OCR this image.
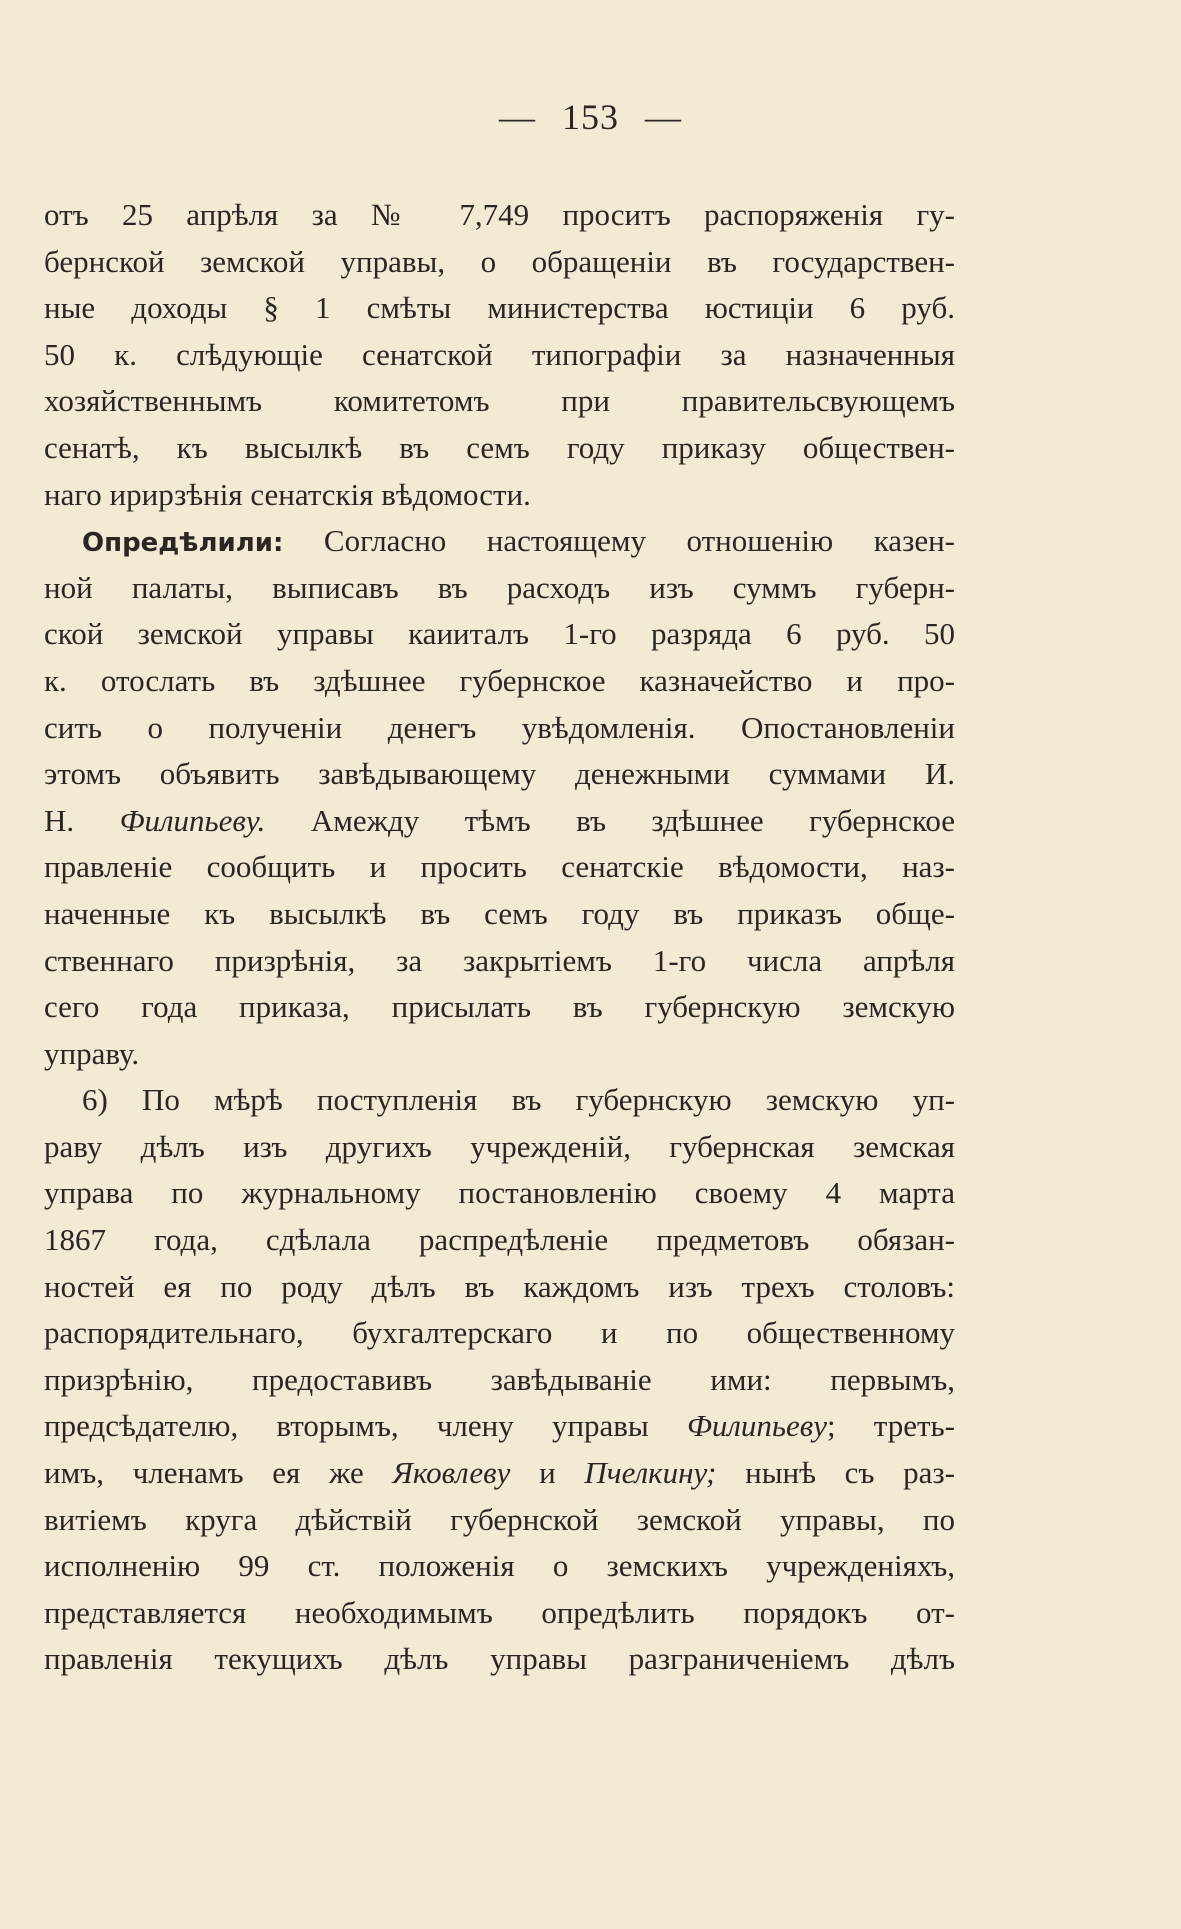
— 153 —
отъ 25 апрѣля за № 7,749 проситъ распоряженія гу-
бернской земской управы, о обращеніи въ государствен-
ные доходы § 1 смѣты министерства юстиціи 6 руб.
50 к. слѣдующіе сенатской типографіи за назначенныя
хозяйственнымъ комитетомъ при правительсвующемъ
сенатѣ, къ высылкѣ въ семъ году приказу обществен-
наго ирирзѣнія сенатскія вѣдомости.
Опредѣлили: Согласно настоящему отношенію казен-
ной палаты, выписавъ въ расходъ изъ суммъ губерн-
ской земской управы каииталъ 1-го разряда 6 руб. 50
к. отослать въ здѣшнее губернское казначейство и про-
сить о полученіи денегъ увѣдомленія. Опостановленіи
этомъ объявить завѣдывающему денежными суммами И.
Н. Филипьеву. Амежду тѣмъ въ здѣшнее губернское
правленіе сообщить и просить сенатскіе вѣдомости, наз-
наченные къ высылкѣ въ семъ году въ приказъ обще-
ственнаго призрѣнія, за закрытіемъ 1-го числа апрѣля
сего года приказа, присылать въ губернскую земскую
управу.
6) По мѣрѣ поступленія въ губернскую земскую уп-
раву дѣлъ изъ другихъ учрежденій, губернская земская
управа по журнальному постановленію своему 4 марта
1867 года, сдѣлала распредѣленіе предметовъ обязан-
ностей ея по роду дѣлъ въ каждомъ изъ трехъ столовъ:
распорядительнаго, бухгалтерскаго и по общественному
призрѣнію, предоставивъ завѣдываніе ими: первымъ,
предсѣдателю, вторымъ, члену управы Филипьеву; треть-
имъ, членамъ ея же Яковлеву и Пчелкину; нынѣ съ раз-
витіемъ круга дѣйствій губернской земской управы, по
исполненію 99 ст. положенія о земскихъ учрежденіяхъ,
представляется необходимымъ опредѣлить порядокъ от-
правленія текущихъ дѣлъ управы разграниченіемъ дѣлъ
